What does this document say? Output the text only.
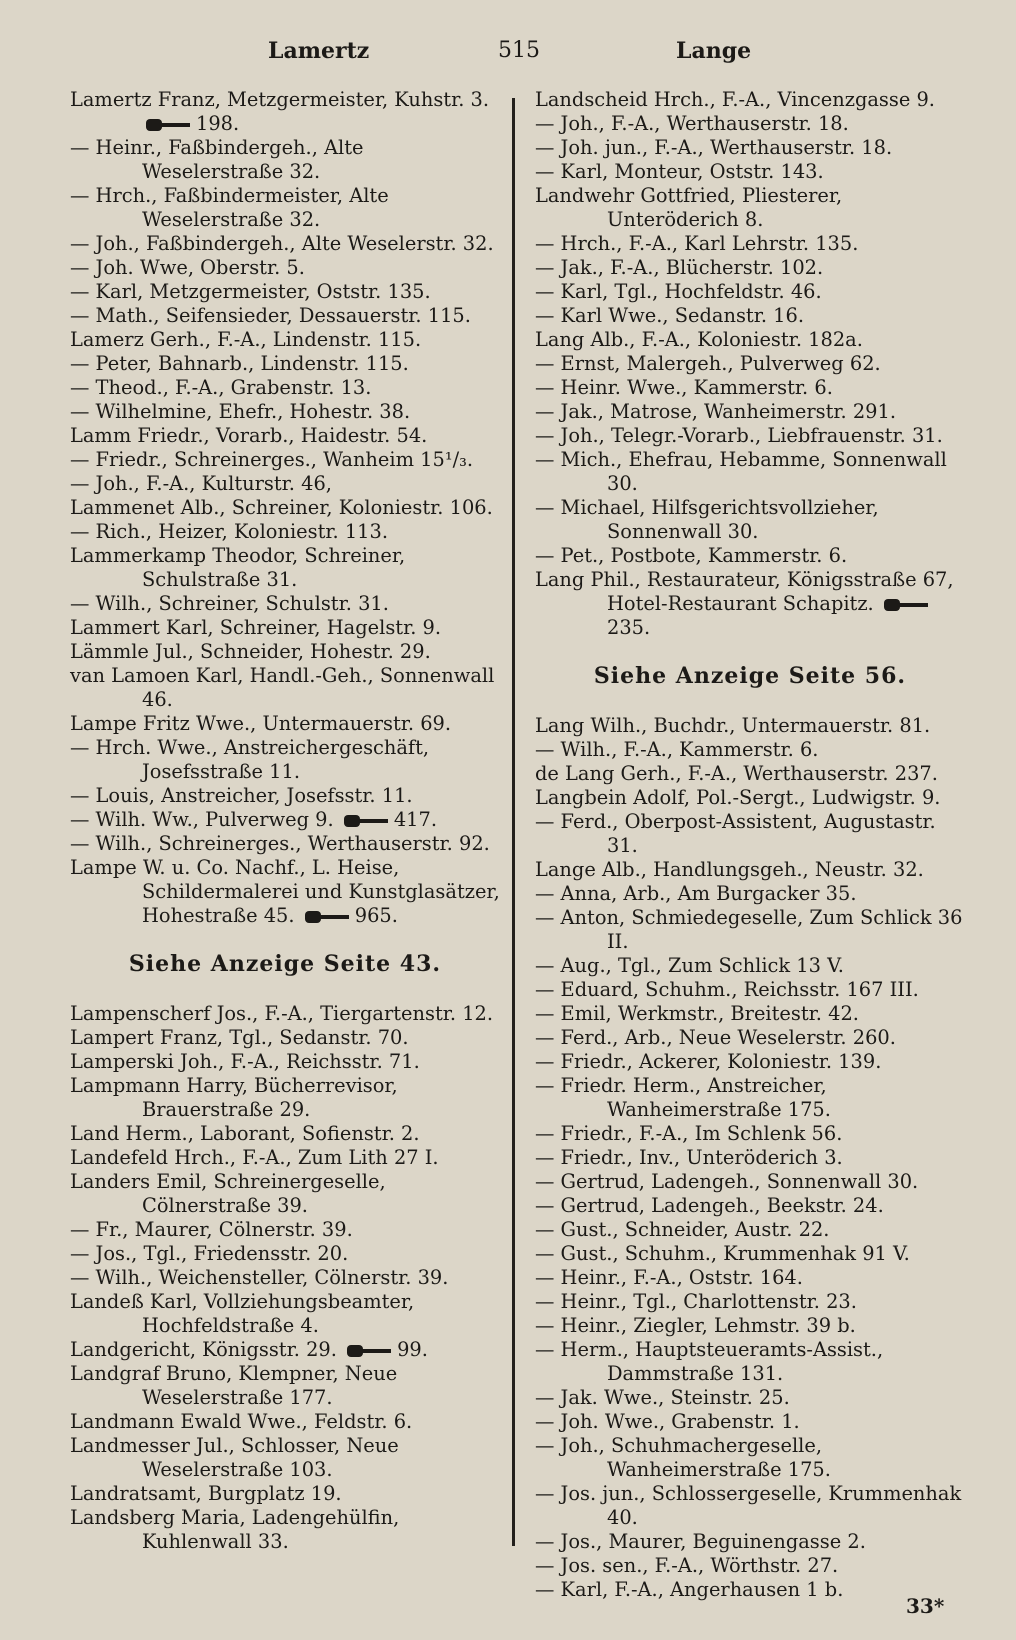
Lamertz	515	Lange
Lamertz Franz, Metzgermeister, Kuhstr. 3. 198.
— Heinr., Faßbindergeh., Alte Weselerstraße 32.
— Hrch., Faßbindermeister, Alte Weselerstraße 32.
— Joh., Faßbindergeh., Alte Weselerstr. 32.
— Joh. Wwe, Oberstr. 5.
— Karl, Metzgermeister, Oststr. 135.
— Math., Seifensieder, Dessauerstr. 115.
Lamerz Gerh., F.-A., Lindenstr. 115.
— Peter, Bahnarb., Lindenstr. 115.
— Theod., F.-A., Grabenstr. 13.
— Wilhelmine, Ehefr., Hohestr. 38.
Lamm Friedr., Vorarb., Haidestr. 54.
— Friedr., Schreinerges., Wanheim 15¹/₃.
— Joh., F.-A., Kulturstr. 46,
Lammenet Alb., Schreiner, Koloniestr. 106.
— Rich., Heizer, Koloniestr. 113.
Lammerkamp Theodor, Schreiner, Schulstraße 31.
— Wilh., Schreiner, Schulstr. 31.
Lammert Karl, Schreiner, Hagelstr. 9.
Lämmle Jul., Schneider, Hohestr. 29.
van Lamoen Karl, Handl.-Geh., Sonnenwall 46.
Lampe Fritz Wwe., Untermauerstr. 69.
— Hrch. Wwe., Anstreichergeschäft, Josefsstraße 11.
— Louis, Anstreicher, Josefsstr. 11.
— Wilh. Ww., Pulverweg 9.	417.
— Wilh., Schreinerges., Werthauserstr. 92.
Lampe W. u. Co. Nachf., L. Heise, Schildermalerei und Kunstglasätzer, Hohestraße 45.	965.
Siehe Anzeige Seite 43.
Lampenscherf Jos., F.-A., Tiergartenstr. 12.
Lampert Franz, Tgl., Sedanstr. 70.
Lamperski Joh., F.-A., Reichsstr. 71.
Lampmann Harry, Bücherrevisor, Brauerstraße 29.
Land Herm., Laborant, Sofienstr. 2.
Landefeld Hrch., F.-A., Zum Lith 27 I.
Landers Emil, Schreinergeselle, Cölnerstraße 39.
— Fr., Maurer, Cölnerstr. 39.
— Jos., Tgl., Friedensstr. 20.
— Wilh., Weichensteller, Cölnerstr. 39.
Landeß Karl, Vollziehungsbeamter, Hochfeldstraße 4.
Landgericht, Königsstr. 29.	99.
Landgraf Bruno, Klempner, Neue Weselerstraße 177.
Landmann Ewald Wwe., Feldstr. 6.
Landmesser Jul., Schlosser, Neue Weselerstraße 103.
Landratsamt, Burgplatz 19.
Landsberg Maria, Ladengehülfin, Kuhlenwall 33.
Landscheid Hrch., F.-A., Vincenzgasse 9.
— Joh., F.-A., Werthauserstr. 18.
— Joh. jun., F.-A., Werthauserstr. 18.
— Karl, Monteur, Oststr. 143.
Landwehr Gottfried, Pliesterer, Unteröderich 8.
— Hrch., F.-A., Karl Lehrstr. 135.
— Jak., F.-A., Blücherstr. 102.
— Karl, Tgl., Hochfeldstr. 46.
— Karl Wwe., Sedanstr. 16.
Lang Alb., F.-A., Koloniestr. 182a.
— Ernst, Malergeh., Pulverweg 62.
— Heinr. Wwe., Kammerstr. 6.
— Jak., Matrose, Wanheimerstr. 291.
— Joh., Telegr.-Vorarb., Liebfrauenstr. 31.
— Mich., Ehefrau, Hebamme, Sonnenwall 30.
— Michael, Hilfsgerichtsvollzieher, Sonnenwall 30.
— Pet., Postbote, Kammerstr. 6.
Lang Phil., Restaurateur, Königsstraße 67, Hotel-Restaurant Schapitz. 235.
Siehe Anzeige Seite 56.
Lang Wilh., Buchdr., Untermauerstr. 81.
— Wilh., F.-A., Kammerstr. 6.
de Lang Gerh., F.-A., Werthauserstr. 237.
Langbein Adolf, Pol.-Sergt., Ludwigstr. 9.
— Ferd., Oberpost-Assistent, Augustastr. 31.
Lange Alb., Handlungsgeh., Neustr. 32.
— Anna, Arb., Am Burgacker 35.
— Anton, Schmiedegeselle, Zum Schlick 36 II.
— Aug., Tgl., Zum Schlick 13 V.
— Eduard, Schuhm., Reichsstr. 167 III.
— Emil, Werkmstr., Breitestr. 42.
— Ferd., Arb., Neue Weselerstr. 260.
— Friedr., Ackerer, Koloniestr. 139.
— Friedr. Herm., Anstreicher, Wanheimerstraße 175.
— Friedr., F.-A., Im Schlenk 56.
— Friedr., Inv., Unteröderich 3.
— Gertrud, Ladengeh., Sonnenwall 30.
— Gertrud, Ladengeh., Beekstr. 24.
— Gust., Schneider, Austr. 22.
— Gust., Schuhm., Krummenhak 91 V.
— Heinr., F.-A., Oststr. 164.
— Heinr., Tgl., Charlottenstr. 23.
— Heinr., Ziegler, Lehmstr. 39 b.
— Herm., Hauptsteueramts-Assist., Dammstraße 131.
— Jak. Wwe., Steinstr. 25.
— Joh. Wwe., Grabenstr. 1.
— Joh., Schuhmachergeselle, Wanheimerstraße 175.
— Jos. jun., Schlossergeselle, Krummenhak 40.
— Jos., Maurer, Beguinengasse 2.
— Jos. sen., F.-A., Wörthstr. 27.
— Karl, F.-A., Angerhausen 1 b.
33*
